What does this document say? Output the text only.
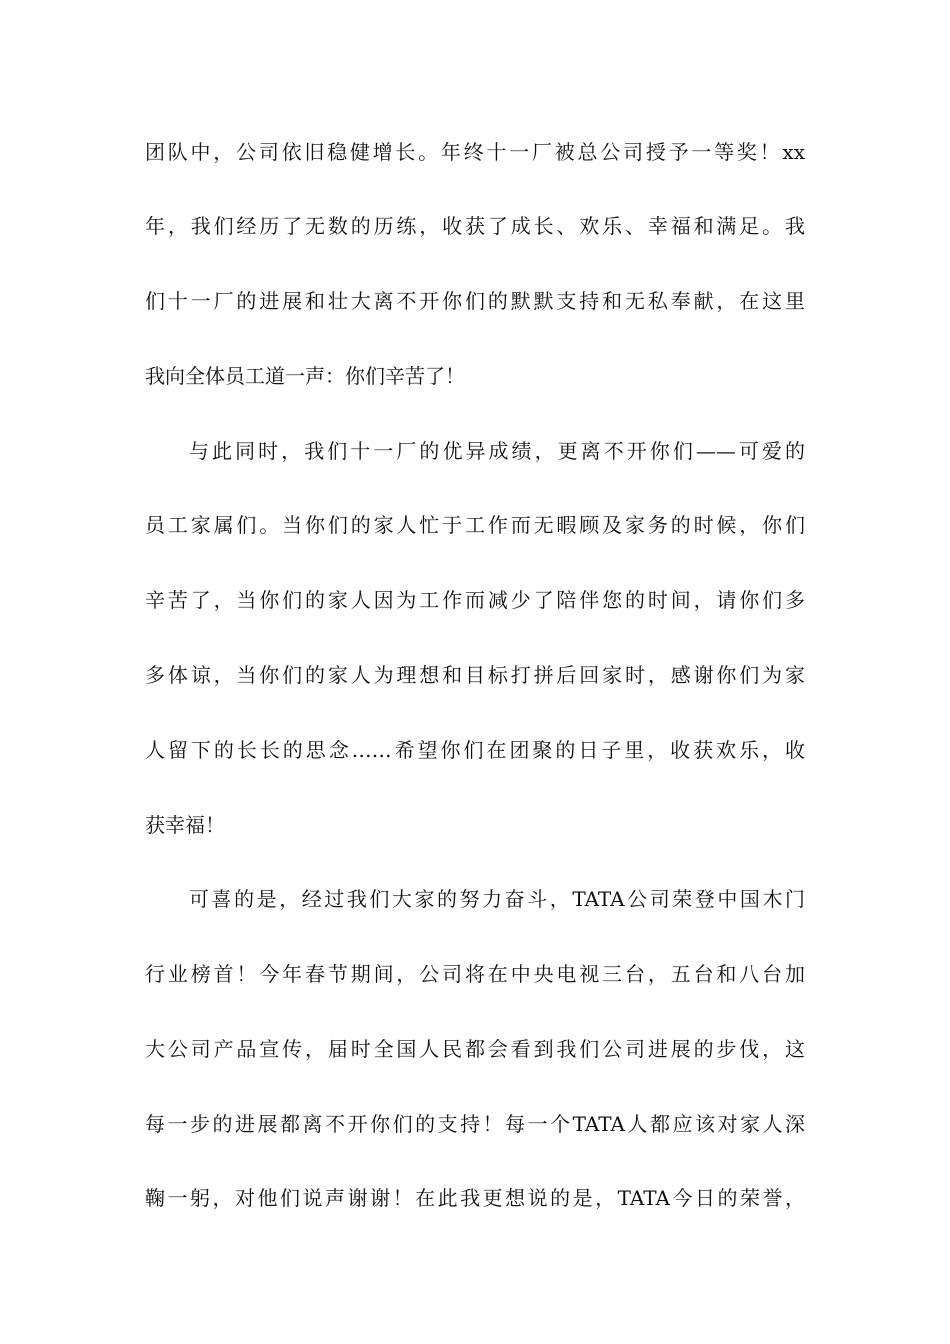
团队中，公司依旧稳健增长。年终十一厂被总公司授予一等奖！xx
年，我们经历了无数的历练，收获了成长、欢乐、幸福和满足。我
们十一厂的进展和壮大离不开你们的默默支持和无私奉献，在这里
我向全体员工道一声：你们辛苦了！
与此同时，我们十一厂的优异成绩，更离不开你们——可爱的
员工家属们。当你们的家人忙于工作而无暇顾及家务的时候，你们
辛苦了，当你们的家人因为工作而减少了陪伴您的时间，请你们多
多体谅，当你们的家人为理想和目标打拼后回家时，感谢你们为家
人留下的长长的思念……希望你们在团聚的日子里，收获欢乐，收
获幸福！
可喜的是，经过我们大家的努力奋斗，TATA公司荣登中国木门
行业榜首！今年春节期间，公司将在中央电视三台，五台和八台加
大公司产品宣传，届时全国人民都会看到我们公司进展的步伐，这
每一步的进展都离不开你们的支持！每一个TATA人都应该对家人深
鞠一躬，对他们说声谢谢！在此我更想说的是，TATA今日的荣誉，
